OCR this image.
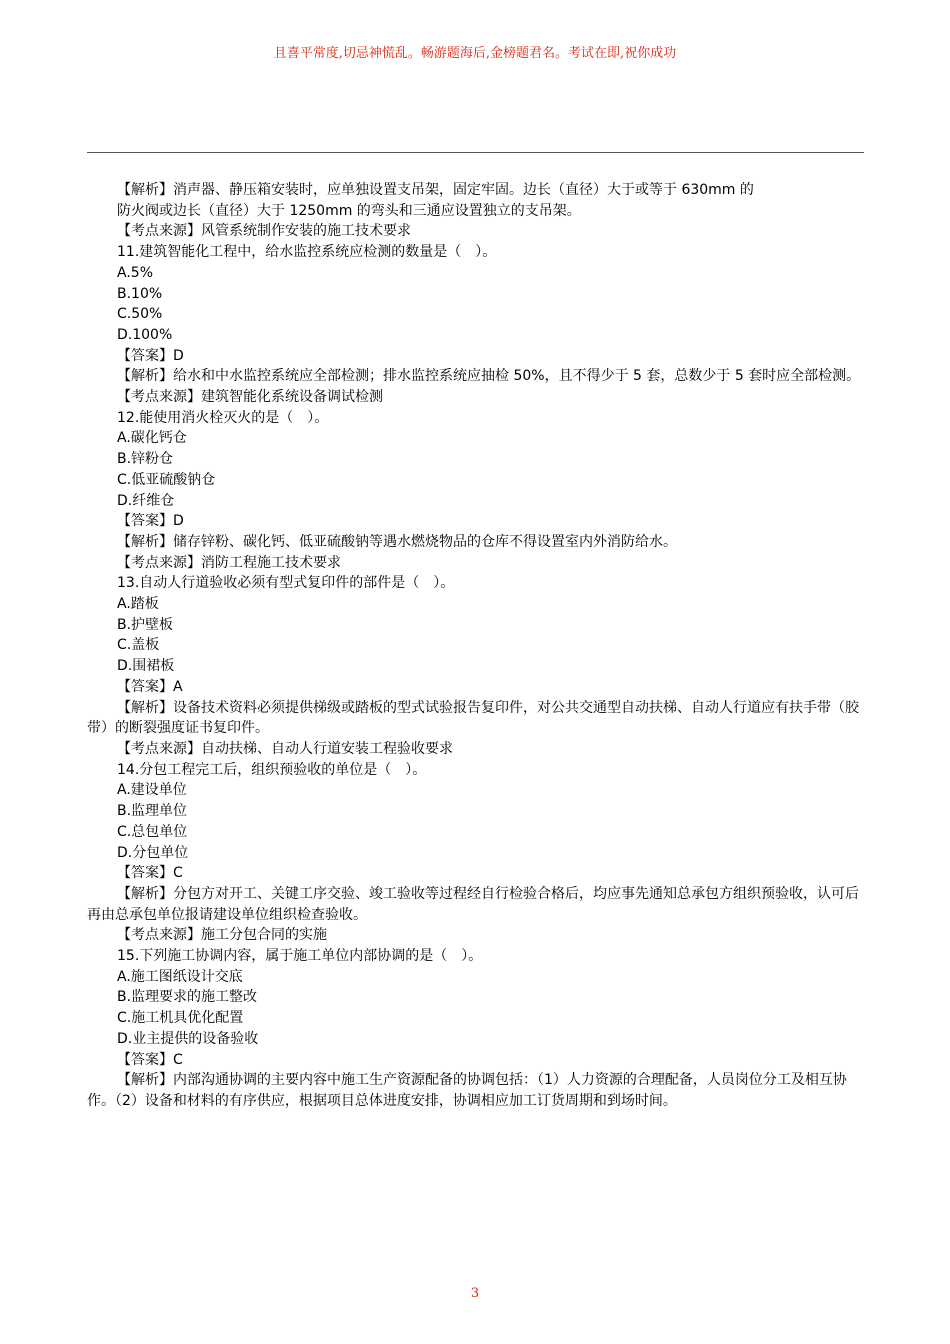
且喜平常度,切忌神慌乱。畅游题海后,金榜题君名。考试在即,祝你成功
【解析】消声器、静压箱安装时，应单独设置支吊架，固定牢固。边长（直径）大于或等于 630mm 的
防火阀或边长（直径）大于 1250mm 的弯头和三通应设置独立的支吊架。
【考点来源】风管系统制作安装的施工技术要求
11.建筑智能化工程中，给水监控系统应检测的数量是（　）。
A.5%
B.10%
C.50%
D.100%
【答案】D
【解析】给水和中水监控系统应全部检测；排水监控系统应抽检 50%，且不得少于 5 套，总数少于 5 套时应全部检测。
【考点来源】建筑智能化系统设备调试检测
12.能使用消火栓灭火的是（　）。
A.碳化钙仓
B.锌粉仓
C.低亚硫酸钠仓
D.纤维仓
【答案】D
【解析】储存锌粉、碳化钙、低亚硫酸钠等遇水燃烧物品的仓库不得设置室内外消防给水。
【考点来源】消防工程施工技术要求
13.自动人行道验收必须有型式复印件的部件是（　）。
A.踏板
B.护壁板
C.盖板
D.围裙板
【答案】A
【解析】设备技术资料必须提供梯级或踏板的型式试验报告复印件，对公共交通型自动扶梯、自动人行道应有扶手带（胶带）的断裂强度证书复印件。
【考点来源】自动扶梯、自动人行道安装工程验收要求
14.分包工程完工后，组织预验收的单位是（　）。
A.建设单位
B.监理单位
C.总包单位
D.分包单位
【答案】C
【解析】分包方对开工、关键工序交验、竣工验收等过程经自行检验合格后，均应事先通知总承包方组织预验收，认可后再由总承包单位报请建设单位组织检查验收。
【考点来源】施工分包合同的实施
15.下列施工协调内容，属于施工单位内部协调的是（　）。
A.施工图纸设计交底
B.监理要求的施工整改
C.施工机具优化配置
D.业主提供的设备验收
【答案】C
【解析】内部沟通协调的主要内容中施工生产资源配备的协调包括：（1）人力资源的合理配备，人员岗位分工及相互协作。（2）设备和材料的有序供应，根据项目总体进度安排，协调相应加工订货周期和到场时间。
3
